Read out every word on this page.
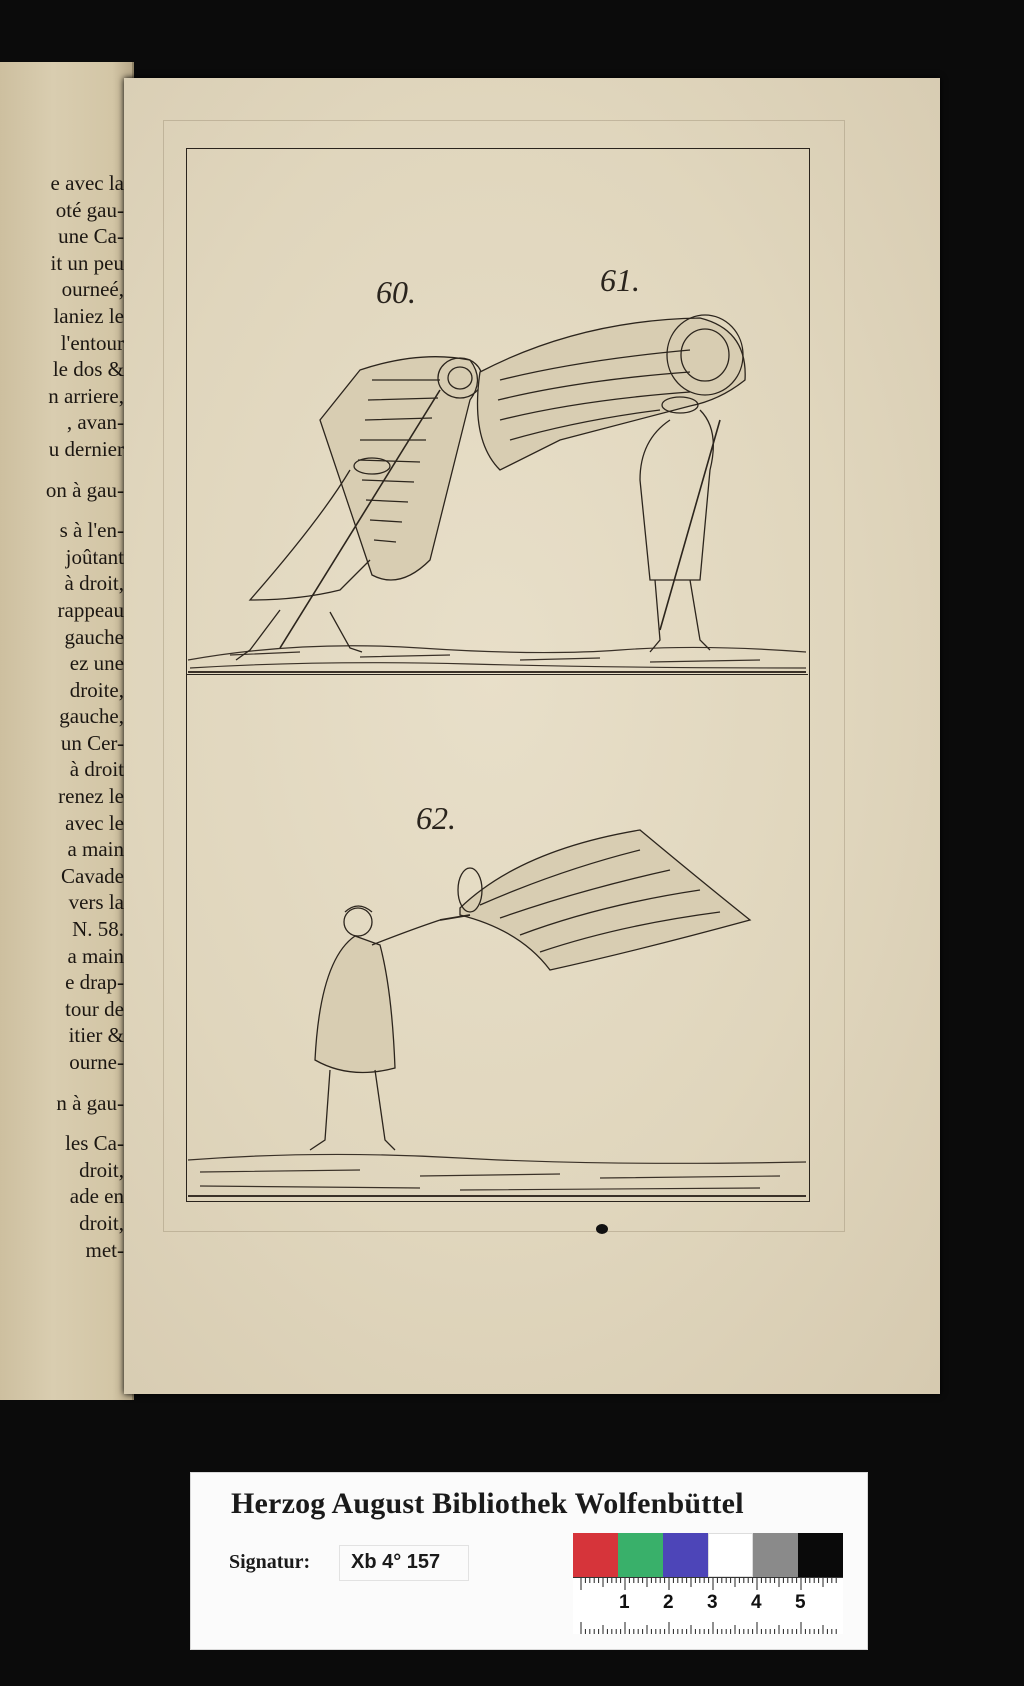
e avec la
oté gau-
une Ca-
it un peu
ourneé,
laniez le
l'entour
le dos &
n arriere,
, avan-
u dernier
on à gau-
s à l'en-
joûtant
à droit,
rappeau
gauche
ez une
droite,
gauche,
un Cer-
à droit
renez le
avec le
a main
Cavade
vers la
N. 58.
a main
e drap-
tour de
itier &
ourne-
n à gau-
les Ca-
droit,
ade en
droit,
met-
60.	61.
62.
Herzog August Bibliothek Wolfenbüttel
Signatur: Xb 4° 157
1 2 3 4 5
